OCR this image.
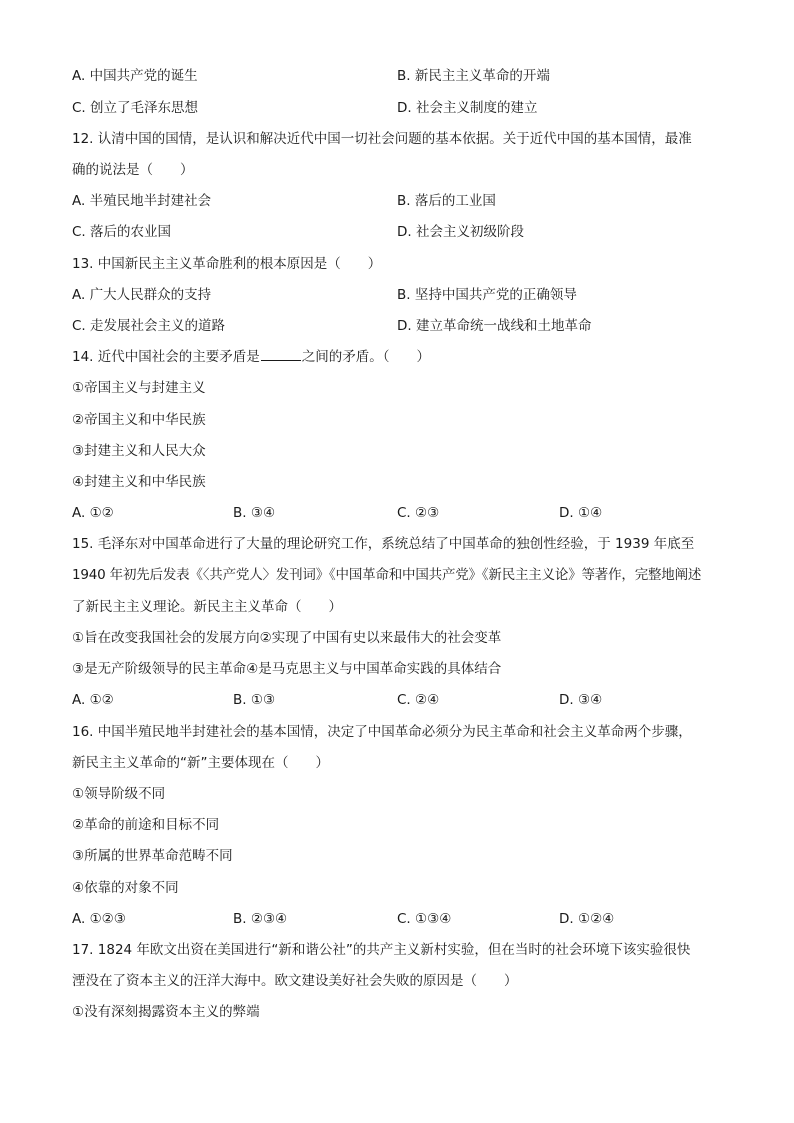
A. 中国共产党的诞生	B. 新民主主义革命的开端
C. 创立了毛泽东思想	D. 社会主义制度的建立
12. 认清中国的国情，是认识和解决近代中国一切社会问题的基本依据。关于近代中国的基本国情，最准
确的说法是（　　）
A. 半殖民地半封建社会	B. 落后的工业国
C. 落后的农业国	D. 社会主义初级阶段
13. 中国新民主主义革命胜利的根本原因是（　　）
A. 广大人民群众的支持	B. 坚持中国共产党的正确领导
C. 走发展社会主义的道路	D. 建立革命统一战线和土地革命
14. 近代中国社会的主要矛盾是	之间的矛盾。（　　）
①帝国主义与封建主义
②帝国主义和中华民族
③封建主义和人民大众
④封建主义和中华民族
A. ①②	B. ③④	C. ②③	D. ①④
15. 毛泽东对中国革命进行了大量的理论研究工作，系统总结了中国革命的独创性经验，于 1939 年底至
1940 年初先后发表《〈共产党人〉发刊词》《中国革命和中国共产党》《新民主主义论》等著作，完整地阐述
了新民主主义理论。新民主主义革命（　　）
①旨在改变我国社会的发展方向②实现了中国有史以来最伟大的社会变革
③是无产阶级领导的民主革命④是马克思主义与中国革命实践的具体结合
A. ①②	B. ①③	C. ②④	D. ③④
16. 中国半殖民地半封建社会的基本国情，决定了中国革命必须分为民主革命和社会主义革命两个步骤，
新民主主义革命的“新”主要体现在（　　）
①领导阶级不同
②革命的前途和目标不同
③所属的世界革命范畴不同
④依靠的对象不同
A. ①②③	B. ②③④	C. ①③④	D. ①②④
17. 1824 年欧文出资在美国进行“新和谐公社”的共产主义新村实验，但在当时的社会环境下该实验很快
湮没在了资本主义的汪洋大海中。欧文建设美好社会失败的原因是（　　）
①没有深刻揭露资本主义的弊端
